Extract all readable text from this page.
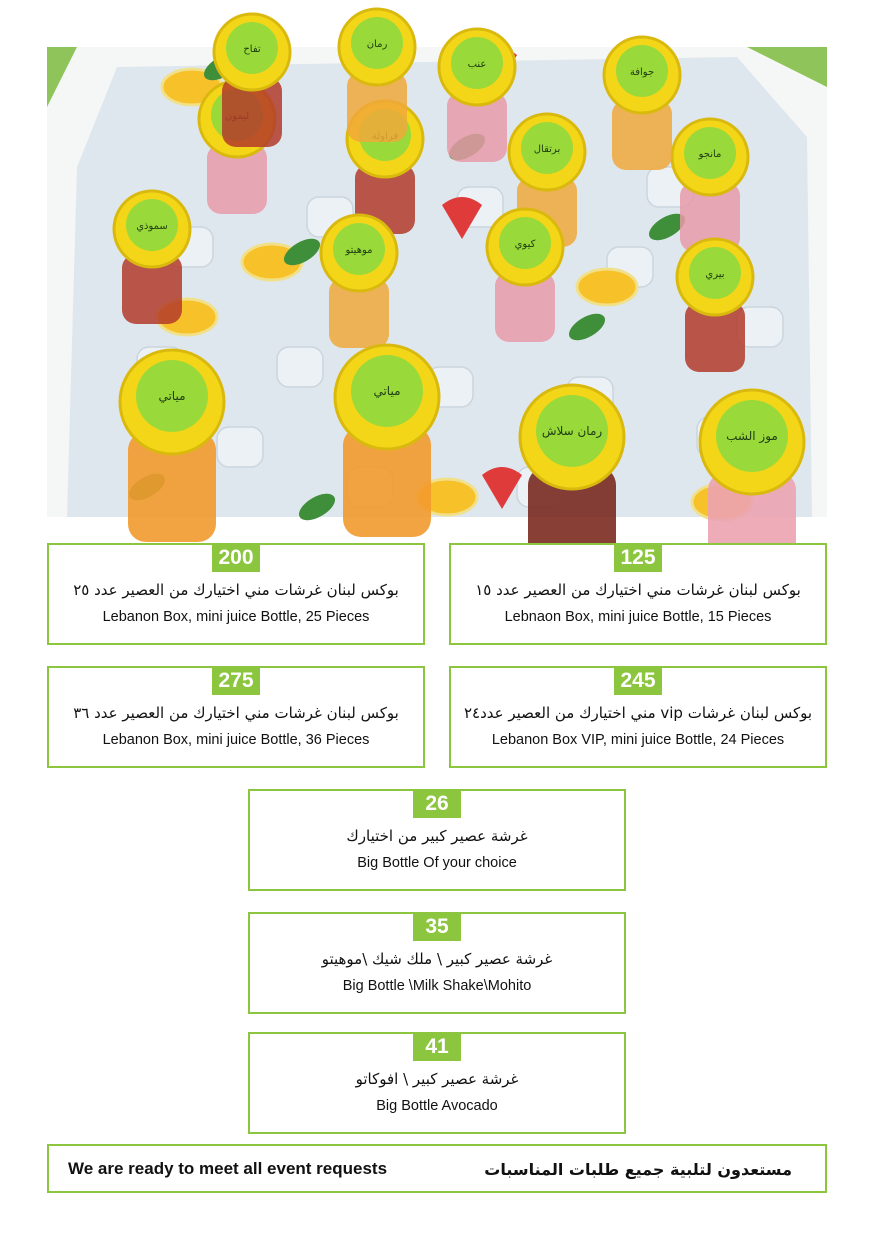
برتقال	مانجو
سموذي
موهيتو
كيوي
بيري
جوافة
عنب
تفاح	رمان
مياتي	مياتي
رمان سلاش	موز الشب
200
بوكس لبنان غرشات مني اختيارك من العصير عدد ٢٥
Lebanon Box, mini juice Bottle, 25 Pieces
125
بوكس لبنان غرشات مني اختيارك من العصير عدد ١٥
Lebnaon Box, mini juice Bottle, 15 Pieces
275
بوكس لبنان غرشات مني اختيارك من العصير عدد ٣٦
Lebanon Box, mini juice Bottle, 36 Pieces
245
بوكس لبنان غرشات vip مني اختيارك من العصير عدد٢٤
Lebanon Box VIP, mini juice Bottle, 24 Pieces
26
غرشة عصير كبير من اختيارك
Big Bottle Of your choice
35
غرشة عصير كبير \ ملك شيك \موهيتو
Big Bottle \Milk Shake\Mohito
41
غرشة عصير كبير \ افوكاتو
Big Bottle Avocado
We are ready to meet all event requests	مستعدون لتلبية جميع طلبات المناسبات
